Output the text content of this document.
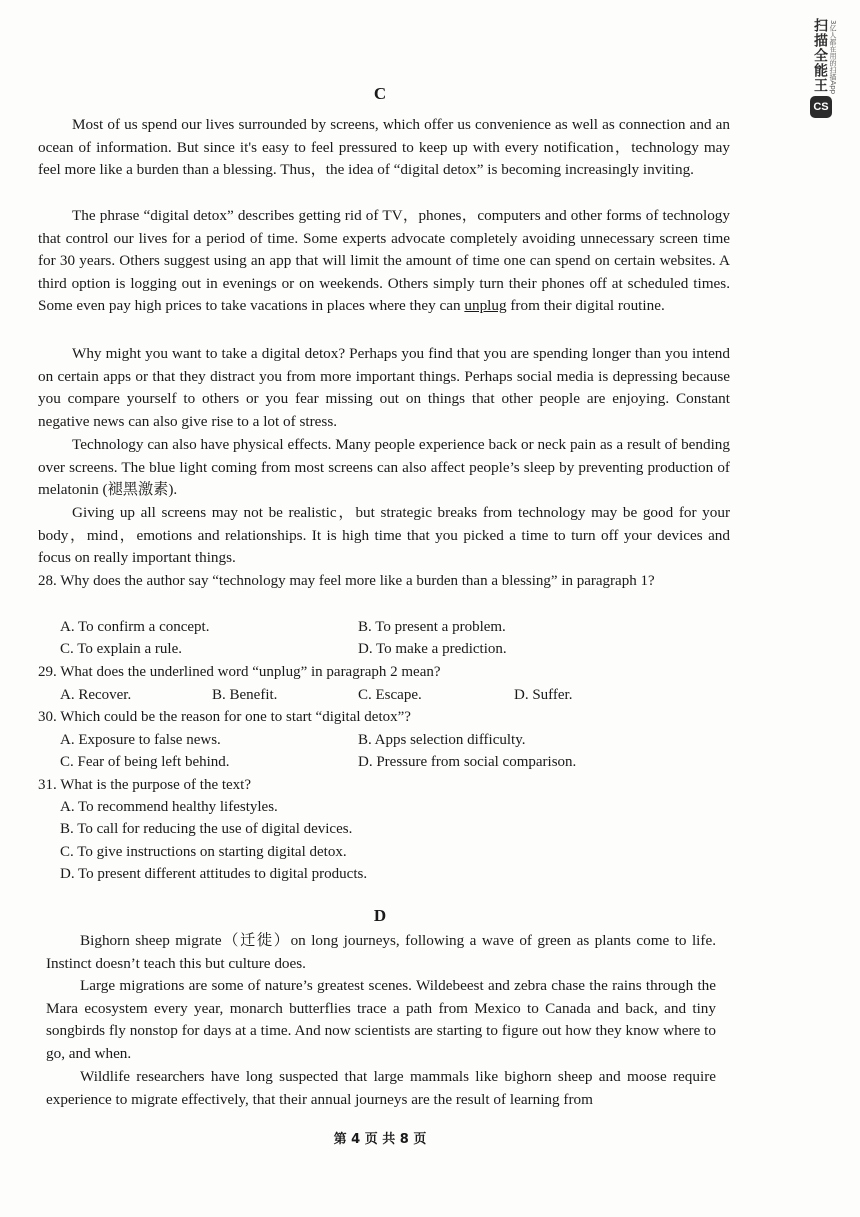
扫描全能王 3亿人都在用的扫描App
CS
C

Most of us spend our lives surrounded by screens, which offer us convenience as well as connection and an ocean of information. But since it's easy to feel pressured to keep up with every notification，technology may feel more like a burden than a blessing. Thus，the idea of “digital detox” is becoming increasingly inviting.

The phrase “digital detox” describes getting rid of TV，phones，computers and other forms of technology that control our lives for a period of time. Some experts advocate completely avoiding unnecessary screen time for 30 years. Others suggest using an app that will limit the amount of time one can spend on certain websites. A third option is logging out in evenings or on weekends. Others simply turn their phones off at scheduled times. Some even pay high prices to take vacations in places where they can unplug from their digital routine.

Why might you want to take a digital detox? Perhaps you find that you are spending longer than you intend on certain apps or that they distract you from more important things. Perhaps social media is depressing because you compare yourself to others or you fear missing out on things that other people are enjoying. Constant negative news can also give rise to a lot of stress.

Technology can also have physical effects. Many people experience back or neck pain as a result of bending over screens. The blue light coming from most screens can also affect people’s sleep by preventing production of melatonin (褪黑激素).

Giving up all screens may not be realistic，but strategic breaks from technology may be good for your body，mind，emotions and relationships. It is high time that you picked a time to turn off your devices and focus on really important things.

28. Why does the author say “technology may feel more like a burden than a blessing” in paragraph 1?

A. To confirm a concept.	B. To present a problem.

C. To explain a rule.	D. To make a prediction.

29. What does the underlined word “unplug” in paragraph 2 mean?

A. Recover.	B. Benefit.	C. Escape.	D. Suffer.

30. Which could be the reason for one to start “digital detox”?

A. Exposure to false news.	B. Apps selection difficulty.

C. Fear of being left behind.	D. Pressure from social comparison.

31. What is the purpose of the text?

A. To recommend healthy lifestyles.

B. To call for reducing the use of digital devices.

C. To give instructions on starting digital detox.

D. To present different attitudes to digital products.

D

Bighorn sheep migrate（迁徙）on long journeys, following a wave of green as plants come to life. Instinct doesn’t teach this but culture does.

Large migrations are some of nature’s greatest scenes. Wildebeest and zebra chase the rains through the Mara ecosystem every year, monarch butterflies trace a path from Mexico to Canada and back, and tiny songbirds fly nonstop for days at a time. And now scientists are starting to figure out how they know where to go, and when.

Wildlife researchers have long suspected that large mammals like bighorn sheep and moose require experience to migrate effectively, that their annual journeys are the result of learning from

第 4 页 共 8 页
